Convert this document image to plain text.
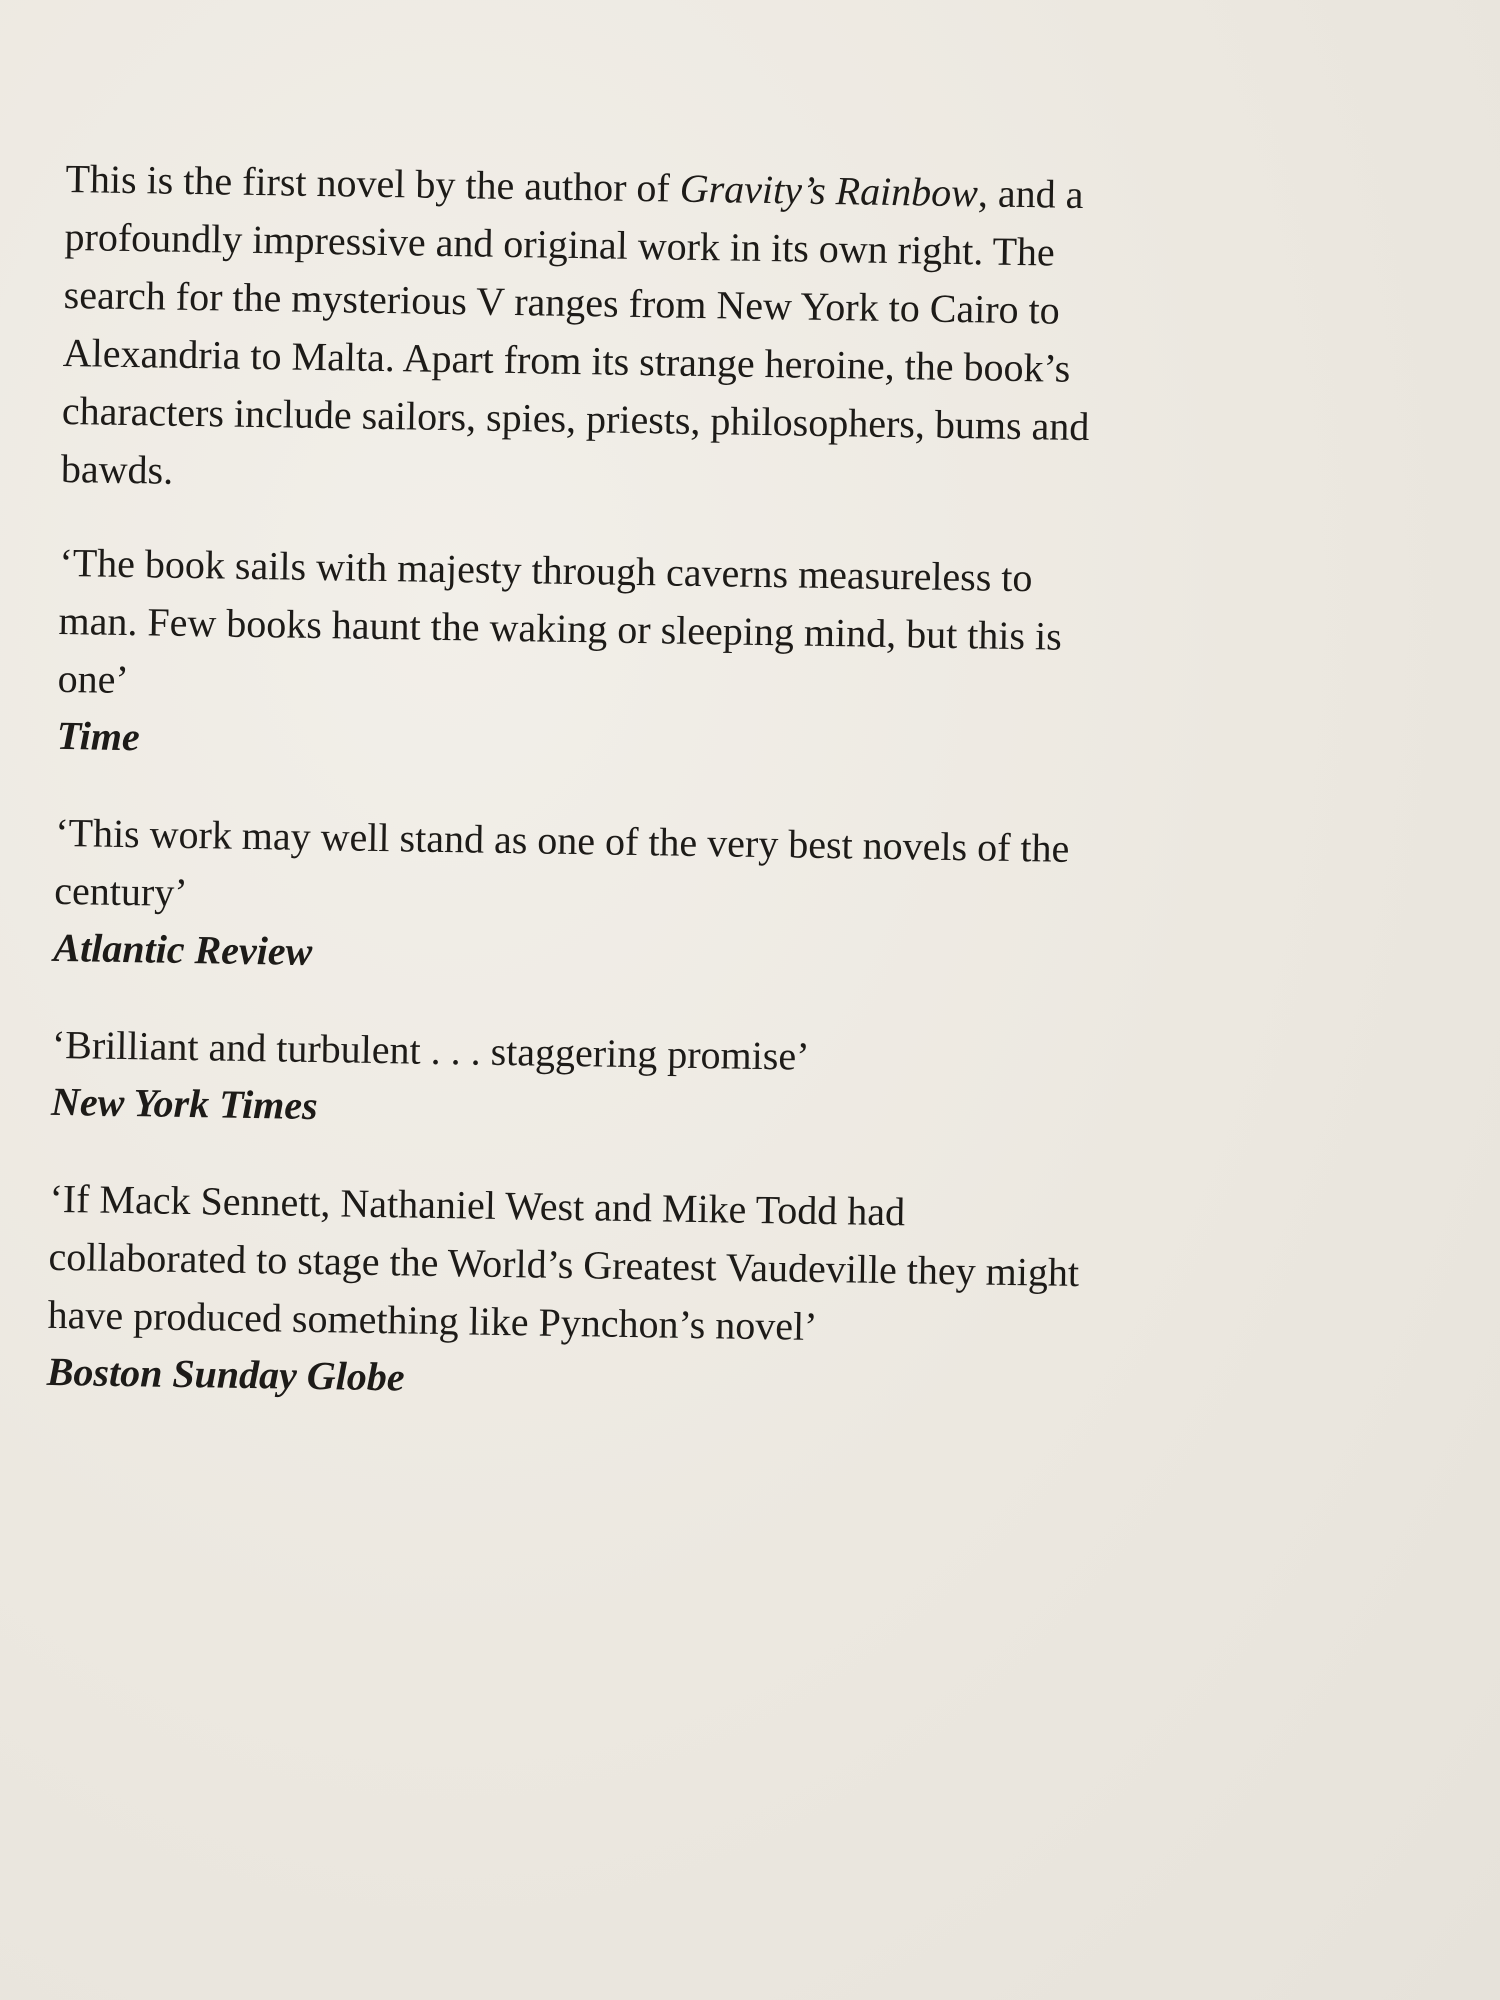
This is the first novel by the author of Gravity’s Rainbow, and a profoundly impressive and original work in its own right. The search for the mysterious V ranges from New York to Cairo to Alexandria to Malta. Apart from its strange heroine, the book’s characters include sailors, spies, priests, philosophers, bums and bawds.

‘The book sails with majesty through caverns measureless to man. Few books haunt the waking or sleeping mind, but this is one’

Time

‘This work may well stand as one of the very best novels of the century’

Atlantic Review

‘Brilliant and turbulent . . . staggering promise’

New York Times

‘If Mack Sennett, Nathaniel West and Mike Todd had collaborated to stage the World’s Greatest Vaudeville they might have produced something like Pynchon’s novel’

Boston Sunday Globe
